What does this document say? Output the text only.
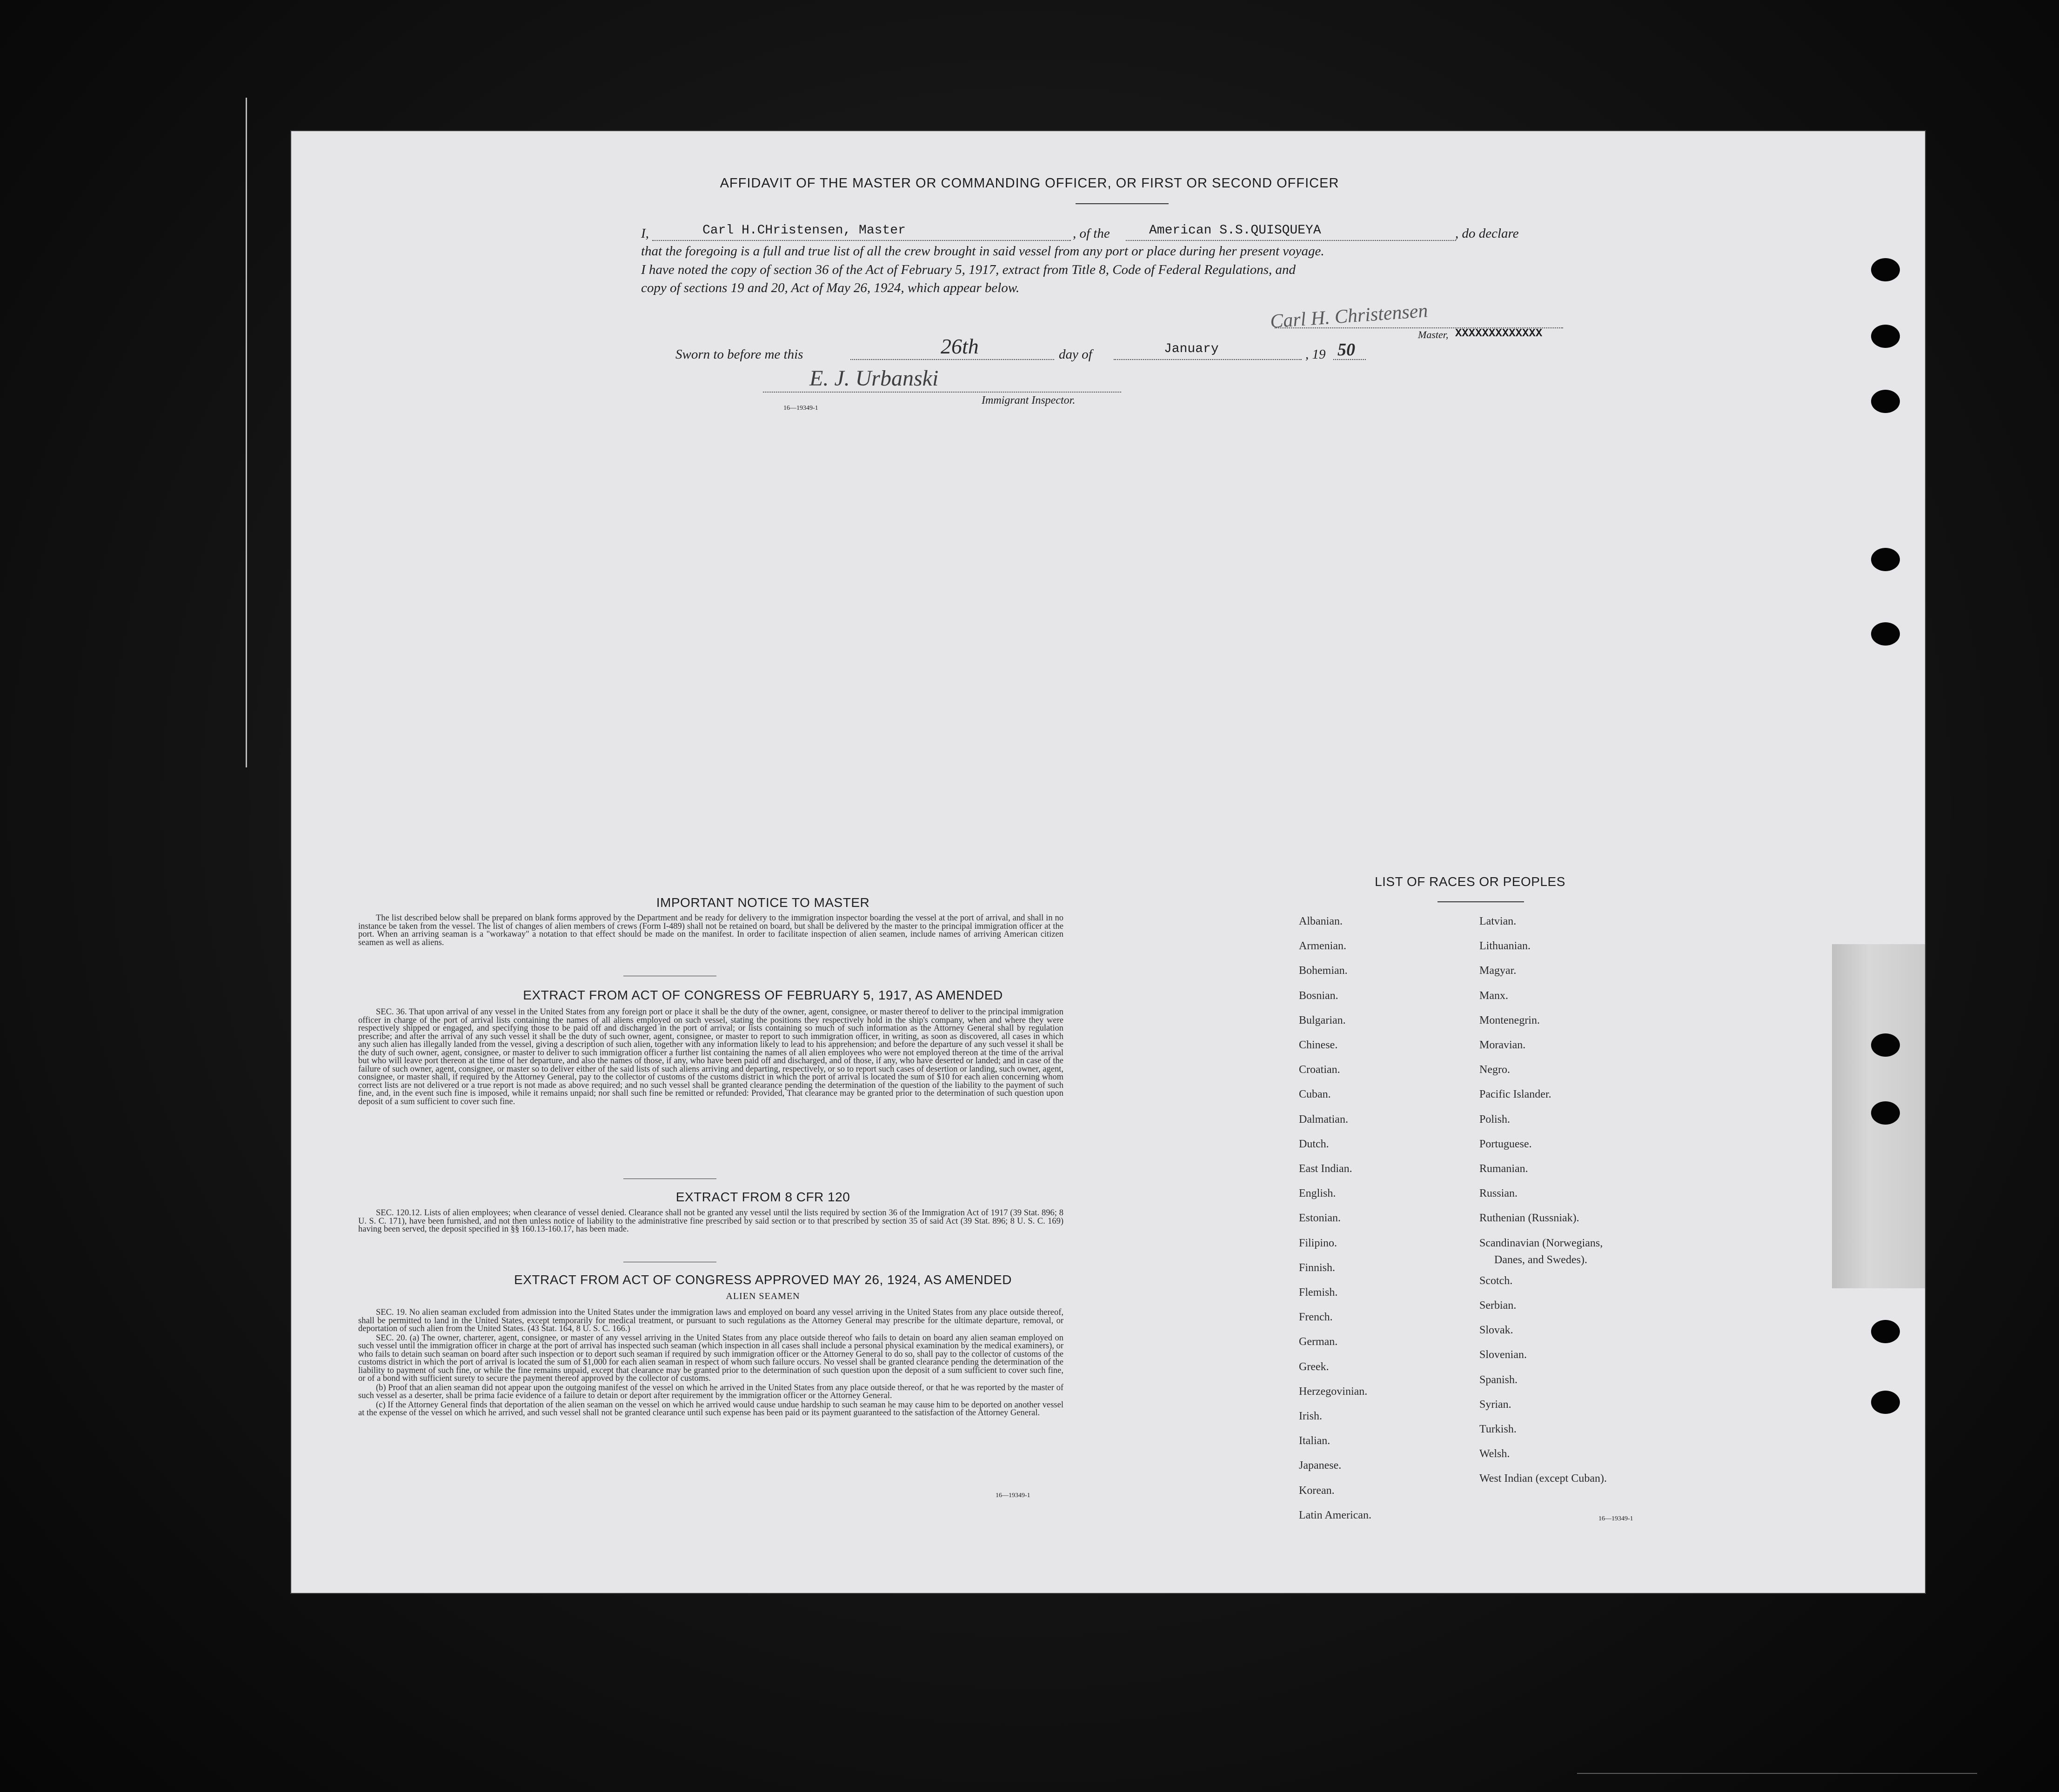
AFFIDAVIT OF THE MASTER OR COMMANDING OFFICER, OR FIRST OR SECOND OFFICER
I,	Carl H.CHristensen, Master	, of the	American S.S.QUISQUEYA	, do declare
that the foregoing is a full and true list of all the crew brought in said vessel from any port or place during her present voyage.
I have noted the copy of section 36 of the Act of February 5, 1917, extract from Title 8, Code of Federal Regulations, and
copy of sections 19 and 20, Act of May 26, 1924, which appear below.
Carl H. Christensen
Master, XXXXXXXXXXXXX
Sworn to before me this	26th	day of	January	, 19 50
E. J. Urbanski
16—19349-1
Immigrant Inspector.
IMPORTANT NOTICE TO MASTER

The list described below shall be prepared on blank forms approved by the Department and be ready for delivery to the immigration inspector boarding the vessel at the port of arrival, and shall in no instance be taken from the vessel. The list of changes of alien members of crews (Form I-489) shall not be retained on board, but shall be delivered by the master to the principal immigration officer at the port. When an arriving seaman is a "workaway" a notation to that effect should be made on the manifest. In order to facilitate inspection of alien seamen, include names of arriving American citizen seamen as well as aliens.

EXTRACT FROM ACT OF CONGRESS OF FEBRUARY 5, 1917, AS AMENDED

SEC. 36. That upon arrival of any vessel in the United States from any foreign port or place it shall be the duty of the owner, agent, consignee, or master thereof to deliver to the principal immigration officer in charge of the port of arrival lists containing the names of all aliens employed on such vessel, stating the positions they respectively hold in the ship's company, when and where they were respectively shipped or engaged, and specifying those to be paid off and discharged in the port of arrival; or lists containing so much of such information as the Attorney General shall by regulation prescribe; and after the arrival of any such vessel it shall be the duty of such owner, agent, consignee, or master to report to such immigration officer, in writing, as soon as discovered, all cases in which any such alien has illegally landed from the vessel, giving a description of such alien, together with any information likely to lead to his apprehension; and before the departure of any such vessel it shall be the duty of such owner, agent, consignee, or master to deliver to such immigration officer a further list containing the names of all alien employees who were not employed thereon at the time of the arrival but who will leave port thereon at the time of her departure, and also the names of those, if any, who have been paid off and discharged, and of those, if any, who have deserted or landed; and in case of the failure of such owner, agent, consignee, or master so to deliver either of the said lists of such aliens arriving and departing, respectively, or so to report such cases of desertion or landing, such owner, agent, consignee, or master shall, if required by the Attorney General, pay to the collector of customs of the customs district in which the port of arrival is located the sum of $10 for each alien concerning whom correct lists are not delivered or a true report is not made as above required; and no such vessel shall be granted clearance pending the determination of the question of the liability to the payment of such fine, and, in the event such fine is imposed, while it remains unpaid; nor shall such fine be remitted or refunded: Provided, That clearance may be granted prior to the determination of such question upon deposit of a sum sufficient to cover such fine.

EXTRACT FROM 8 CFR 120

SEC. 120.12. Lists of alien employees; when clearance of vessel denied. Clearance shall not be granted any vessel until the lists required by section 36 of the Immigration Act of 1917 (39 Stat. 896; 8 U. S. C. 171), have been furnished, and not then unless notice of liability to the administrative fine prescribed by said section or to that prescribed by section 35 of said Act (39 Stat. 896; 8 U. S. C. 169) having been served, the deposit specified in §§ 160.13-160.17, has been made.

EXTRACT FROM ACT OF CONGRESS APPROVED MAY 26, 1924, AS AMENDED
ALIEN SEAMEN

SEC. 19. No alien seaman excluded from admission into the United States under the immigration laws and employed on board any vessel arriving in the United States from any place outside thereof, shall be permitted to land in the United States, except temporarily for medical treatment, or pursuant to such regulations as the Attorney General may prescribe for the ultimate departure, removal, or deportation of such alien from the United States. (43 Stat. 164, 8 U. S. C. 166.)

SEC. 20. (a) The owner, charterer, agent, consignee, or master of any vessel arriving in the United States from any place outside thereof who fails to detain on board any alien seaman employed on such vessel until the immigration officer in charge at the port of arrival has inspected such seaman (which inspection in all cases shall include a personal physical examination by the medical examiners), or who fails to detain such seaman on board after such inspection or to deport such seaman if required by such immigration officer or the Attorney General to do so, shall pay to the collector of customs of the customs district in which the port of arrival is located the sum of $1,000 for each alien seaman in respect of whom such failure occurs. No vessel shall be granted clearance pending the determination of the liability to payment of such fine, or while the fine remains unpaid, except that clearance may be granted prior to the determination of such question upon the deposit of a sum sufficient to cover such fine, or of a bond with sufficient surety to secure the payment thereof approved by the collector of customs.

(b) Proof that an alien seaman did not appear upon the outgoing manifest of the vessel on which he arrived in the United States from any place outside thereof, or that he was reported by the master of such vessel as a deserter, shall be prima facie evidence of a failure to detain or deport after requirement by the immigration officer or the Attorney General.

(c) If the Attorney General finds that deportation of the alien seaman on the vessel on which he arrived would cause undue hardship to such seaman he may cause him to be deported on another vessel at the expense of the vessel on which he arrived, and such vessel shall not be granted clearance until such expense has been paid or its payment guaranteed to the satisfaction of the Attorney General.

16—19349-1
LIST OF RACES OR PEOPLES
Albanian.
Armenian.
Bohemian.
Bosnian.
Bulgarian.
Chinese.
Croatian.
Cuban.
Dalmatian.
Dutch.
East Indian.
English.
Estonian.
Filipino.
Finnish.
Flemish.
French.
German.
Greek.
Herzegovinian.
Irish.
Italian.
Japanese.
Korean.
Latin American.
Latvian.
Lithuanian.
Magyar.
Manx.
Montenegrin.
Moravian.
Negro.
Pacific Islander.
Polish.
Portuguese.
Rumanian.
Russian.
Ruthenian (Russniak).
Scandinavian (Norwegians,
Scotch.
Serbian.
Slovak.
Slovenian.
Spanish.
Syrian.
Turkish.
Welsh.
West Indian (except Cuban).
Danes, and Swedes).
16—19349-1
